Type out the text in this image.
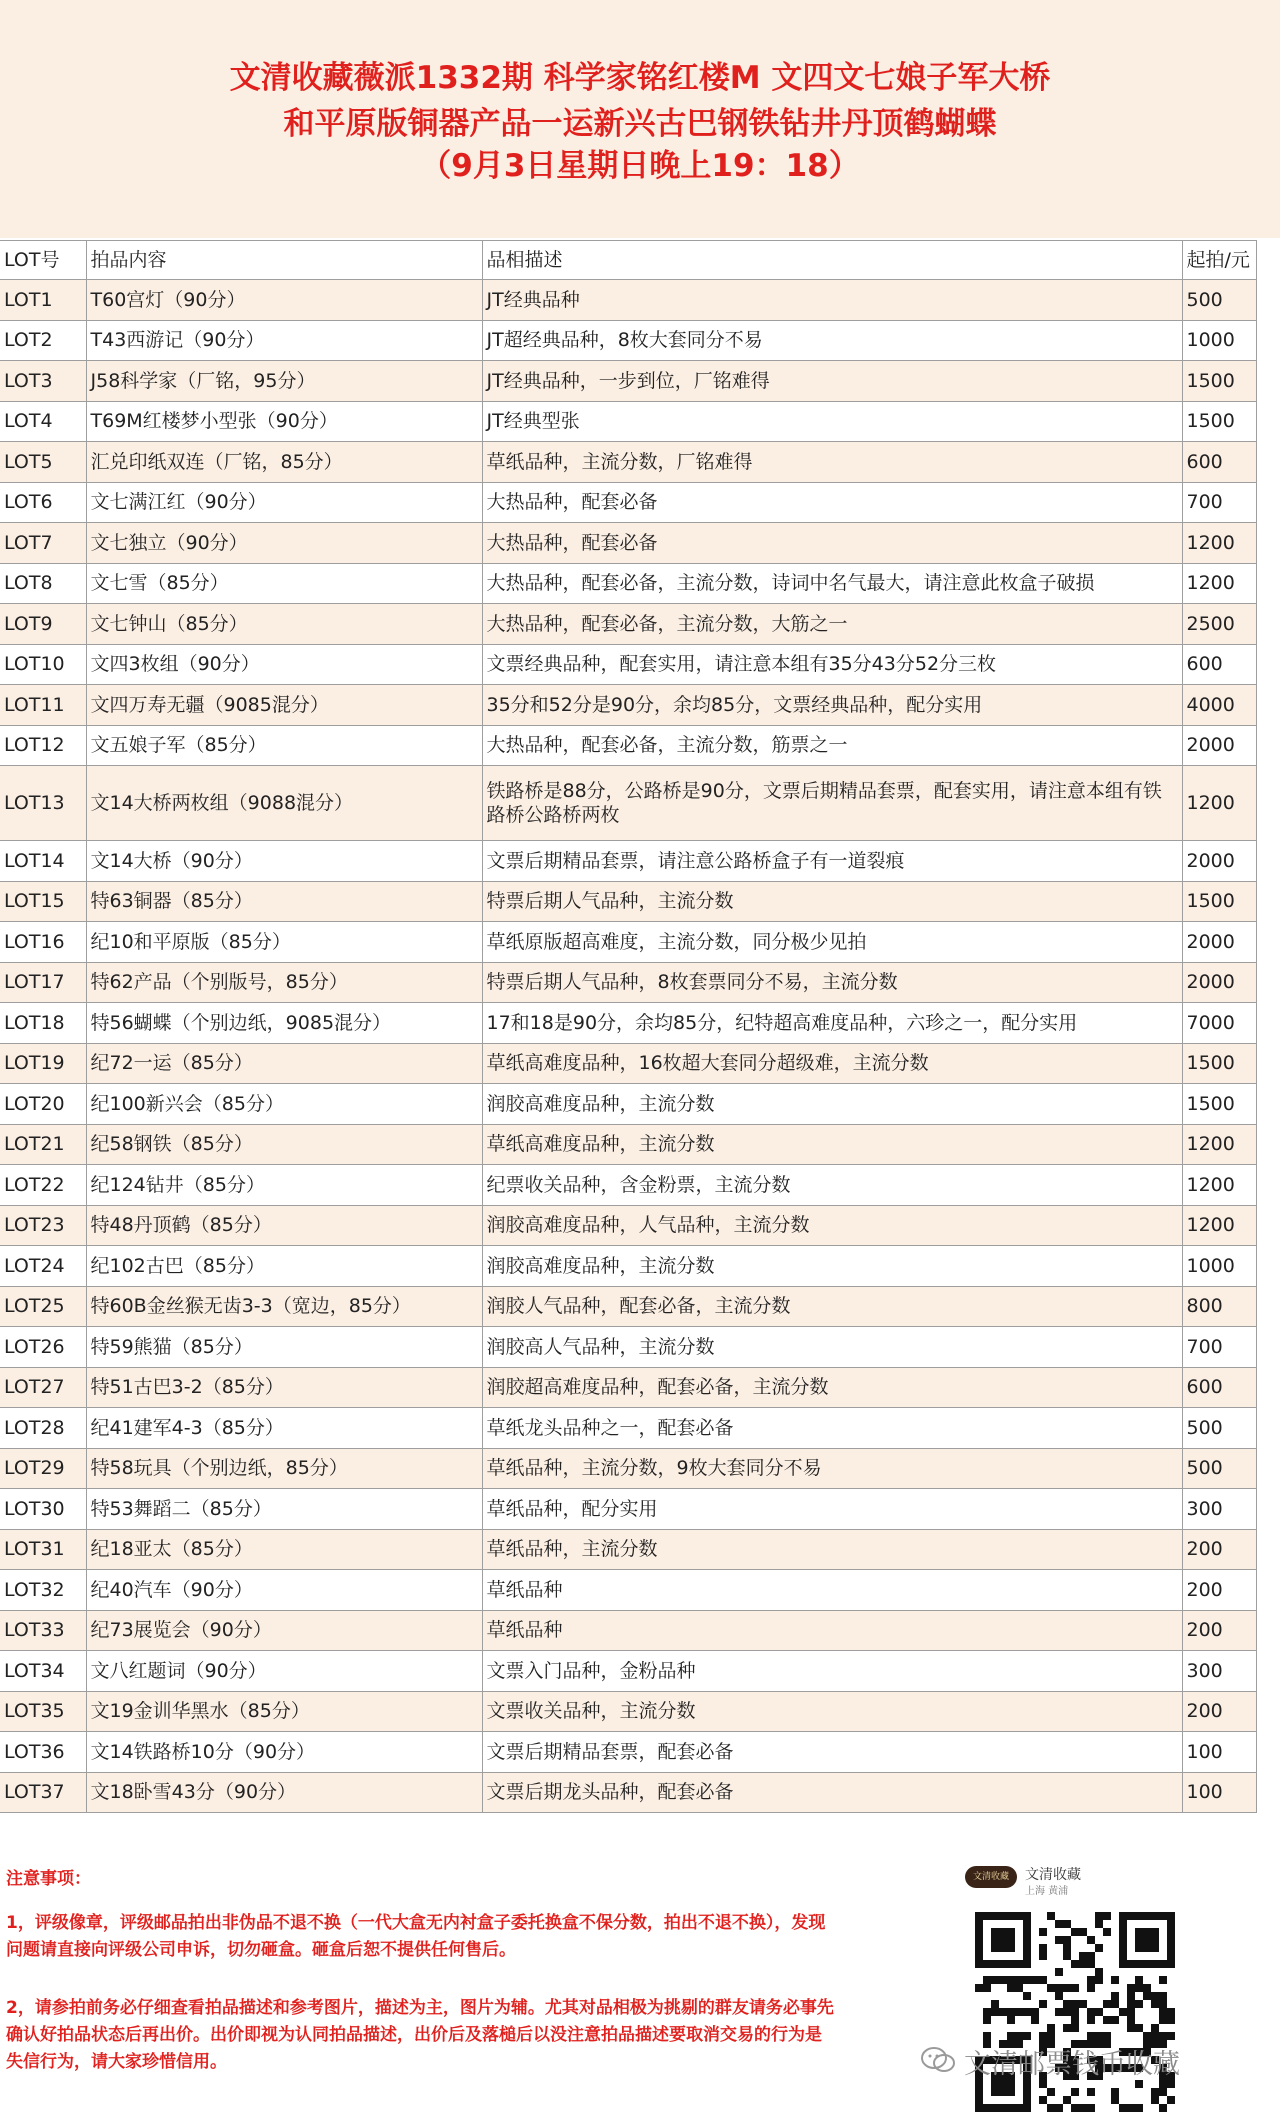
文清收藏薇派1332期 科学家铭红楼M 文四文七娘子军大桥
和平原版铜器产品一运新兴古巴钢铁钻井丹顶鹤蝴蝶
（9月3日星期日晚上19：18）
LOT号	拍品内容	品相描述	起拍/元
LOT1	T60宫灯（90分）	JT经典品种	500
LOT2	T43西游记（90分）	JT超经典品种，8枚大套同分不易	1000
LOT3	J58科学家（厂铭，95分）	JT经典品种，一步到位，厂铭难得	1500
LOT4	T69M红楼梦小型张（90分）	JT经典型张	1500
LOT5	汇兑印纸双连（厂铭，85分）	草纸品种，主流分数，厂铭难得	600
LOT6	文七满江红（90分）	大热品种，配套必备	700
LOT7	文七独立（90分）	大热品种，配套必备	1200
LOT8	文七雪（85分）	大热品种，配套必备，主流分数，诗词中名气最大，请注意此枚盒子破损	1200
LOT9	文七钟山（85分）	大热品种，配套必备，主流分数，大筋之一	2500
LOT10	文四3枚组（90分）	文票经典品种，配套实用，请注意本组有35分43分52分三枚	600
LOT11	文四万寿无疆（9085混分）	35分和52分是90分，余均85分，文票经典品种，配分实用	4000
LOT12	文五娘子军（85分）	大热品种，配套必备，主流分数，筋票之一	2000
LOT13	文14大桥两枚组（9088混分）	铁路桥是88分，公路桥是90分，文票后期精品套票，配套实用，请注意本组有铁路桥公路桥两枚	1200
LOT14	文14大桥（90分）	文票后期精品套票，请注意公路桥盒子有一道裂痕	2000
LOT15	特63铜器（85分）	特票后期人气品种，主流分数	1500
LOT16	纪10和平原版（85分）	草纸原版超高难度，主流分数，同分极少见拍	2000
LOT17	特62产品（个别版号，85分）	特票后期人气品种，8枚套票同分不易，主流分数	2000
LOT18	特56蝴蝶（个别边纸，9085混分）	17和18是90分，余均85分，纪特超高难度品种，六珍之一，配分实用	7000
LOT19	纪72一运（85分）	草纸高难度品种，16枚超大套同分超级难，主流分数	1500
LOT20	纪100新兴会（85分）	润胶高难度品种，主流分数	1500
LOT21	纪58钢铁（85分）	草纸高难度品种，主流分数	1200
LOT22	纪124钻井（85分）	纪票收关品种，含金粉票，主流分数	1200
LOT23	特48丹顶鹤（85分）	润胶高难度品种，人气品种，主流分数	1200
LOT24	纪102古巴（85分）	润胶高难度品种，主流分数	1000
LOT25	特60B金丝猴无齿3-3（宽边，85分）	润胶人气品种，配套必备，主流分数	800
LOT26	特59熊猫（85分）	润胶高人气品种，主流分数	700
LOT27	特51古巴3-2（85分）	润胶超高难度品种，配套必备，主流分数	600
LOT28	纪41建军4-3（85分）	草纸龙头品种之一，配套必备	500
LOT29	特58玩具（个别边纸，85分）	草纸品种，主流分数，9枚大套同分不易	500
LOT30	特53舞蹈二（85分）	草纸品种，配分实用	300
LOT31	纪18亚太（85分）	草纸品种，主流分数	200
LOT32	纪40汽车（90分）	草纸品种	200
LOT33	纪73展览会（90分）	草纸品种	200
LOT34	文八红题词（90分）	文票入门品种，金粉品种	300
LOT35	文19金训华黑水（85分）	文票收关品种，主流分数	200
LOT36	文14铁路桥10分（90分）	文票后期精品套票，配套必备	100
LOT37	文18卧雪43分（90分）	文票后期龙头品种，配套必备	100
注意事项：
1，评级像章，评级邮品拍出非伪品不退不换（一代大盒无内衬盒子委托换盒不保分数，拍出不退不换），发现问题请直接向评级公司申诉，切勿砸盒。砸盒后恕不提供任何售后。
2，请参拍前务必仔细查看拍品描述和参考图片，描述为主，图片为辅。尤其对品相极为挑剔的群友请务必事先确认好拍品状态后再出价。出价即视为认同拍品描述，出价后及落槌后以没注意拍品描述要取消交易的行为是失信行为，请大家珍惜信用。
文清收藏	文清收藏
上海 黄浦
文清邮票钱币收藏
